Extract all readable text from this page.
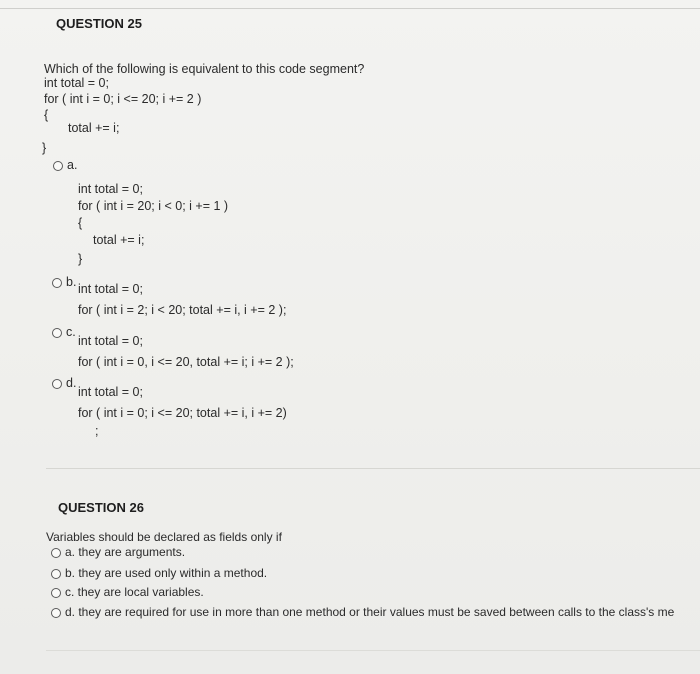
QUESTION 25
Which of the following is equivalent to this code segment?
int total = 0;
for ( int i = 0; i <= 20; i += 2 )
{
total += i;
}
a.
int total = 0;
for ( int i = 20; i < 0; i += 1 )
{
total += i;
}
b. int total = 0;
for ( int i = 2; i < 20; total += i, i += 2 );
c.
int total = 0;
for ( int i = 0, i <= 20, total += i; i += 2 );
d.
int total = 0;
for ( int i = 0; i <= 20; total += i, i += 2)
;
QUESTION 26
Variables should be declared as fields only if
a. they are arguments.
b. they are used only within a method.
c. they are local variables.
d. they are required for use in more than one method or their values must be saved between calls to the class's me
